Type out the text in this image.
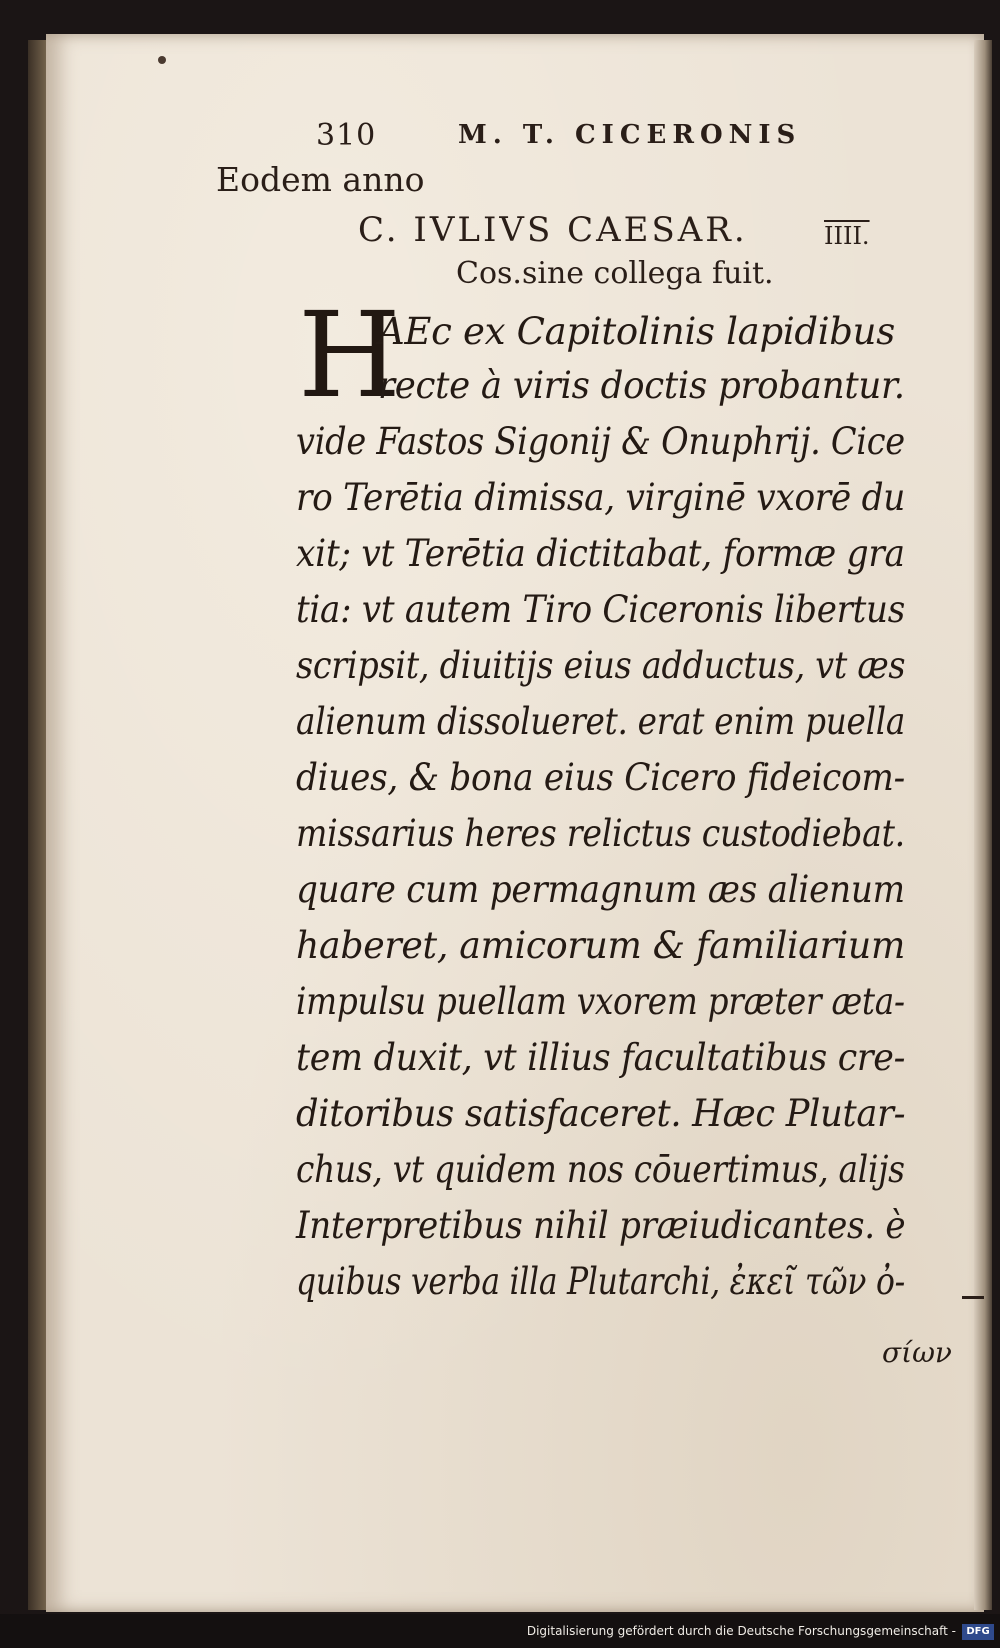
310	M. T. CICERONIS
Eodem anno
C. IVLIVS CAESAR.	IIII.
Cos.sine collega fuit.
H
AEc ex Capitolinis lapidibus
recte à viris doctis probantur.
vide Fastos Sigonij & Onuphrij. Cice
ro Terētia dimissa, virginē vxorē du
xit; vt Terētia dictitabat, formæ gra
tia: vt autem Tiro Ciceronis libertus
scripsit, diuitijs eius adductus, vt æs
alienum dissolueret. erat enim puella
diues, & bona eius Cicero fideicom-
missarius heres relictus custodiebat.
quare cum permagnum æs alienum
haberet, amicorum & familiarium
impulsu puellam vxorem præter æta-
tem duxit, vt illius facultatibus cre-
ditoribus satisfaceret. Hæc Plutar-
chus, vt quidem nos cōuertimus, alijs
Interpretibus nihil præiudicantes. è
quibus verba illa Plutarchi, ἐκεῖ τῶν ὀ-
σίων
Digitalisierung gefördert durch die Deutsche Forschungsgemeinschaft -	DFG
